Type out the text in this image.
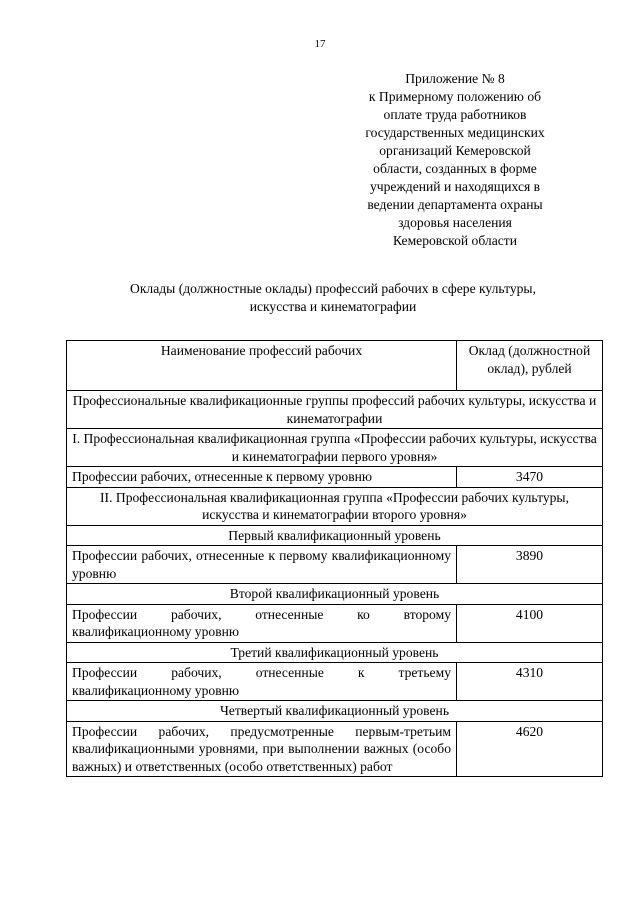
17
Приложение № 8
к Примерному положению об
оплате труда работников
государственных медицинских
организаций Кемеровской
области, созданных в форме
учреждений и находящихся в
ведении департамента охраны
здоровья населения
Кемеровской области
Оклады (должностные оклады) профессий рабочих в сфере культуры,
искусства и кинематографии
Наименование профессий рабочих	Оклад (должностной оклад), рублей
Профессиональные квалификационные группы профессий рабочих культуры, искусства и кинематографии	
I. Профессиональная квалификационная группа «Профессии рабочих культуры, искусства и кинематографии первого уровня»	
Профессии рабочих, отнесенные к первому уровню	3470
II. Профессиональная квалификационная группа «Профессии рабочих культуры, искусства и кинематографии второго уровня»	
Первый квалификационный уровень	
Профессии рабочих, отнесенные к первому квалификационному уровню	3890
Второй квалификационный уровень	
Профессии рабочих, отнесенные ко второму квалификационному уровню	4100
Третий квалификационный уровень	
Профессии рабочих, отнесенные к третьему квалификационному уровню	4310
Четвертый квалификационный уровень	
Профессии рабочих, предусмотренные первым-третьим квалификационными уровнями, при выполнении важных (особо важных) и ответственных (особо ответственных) работ	4620
